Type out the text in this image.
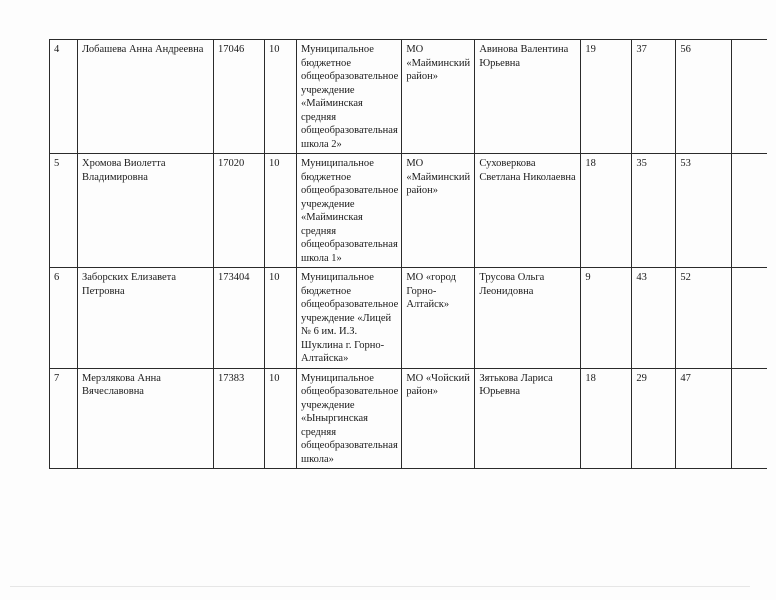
4	Лобашева Анна Андреевна	17046	10	Муниципальное бюджетное общеобразовательное учреждение «Майминская средняя общеобразовательная школа 2»	МО «Майминский район»	Авинова Валентина Юрьевна	19	37	56	
5	Хромова Виолетта Владимировна	17020	10	Муниципальное бюджетное общеобразовательное учреждение «Майминская средняя общеобразовательная школа 1»	МО «Майминский район»	Суховеркова Светлана Николаевна	18	35	53	
6	Заборских Елизавета Петровна	173404	10	Муниципальное бюджетное общеобразовательное учреждение «Лицей № 6 им. И.З. Шуклина г. Горно-Алтайска»	МО «город Горно-Алтайск»	Трусова Ольга Леонидовна	9	43	52	
7	Мерзлякова Анна Вячеславовна	17383	10	Муниципальное общеобразовательное учреждение «Ыныргинская средняя общеобразовательная школа»	МО «Чойский район»	Зятькова Лариса Юрьевна	18	29	47	
